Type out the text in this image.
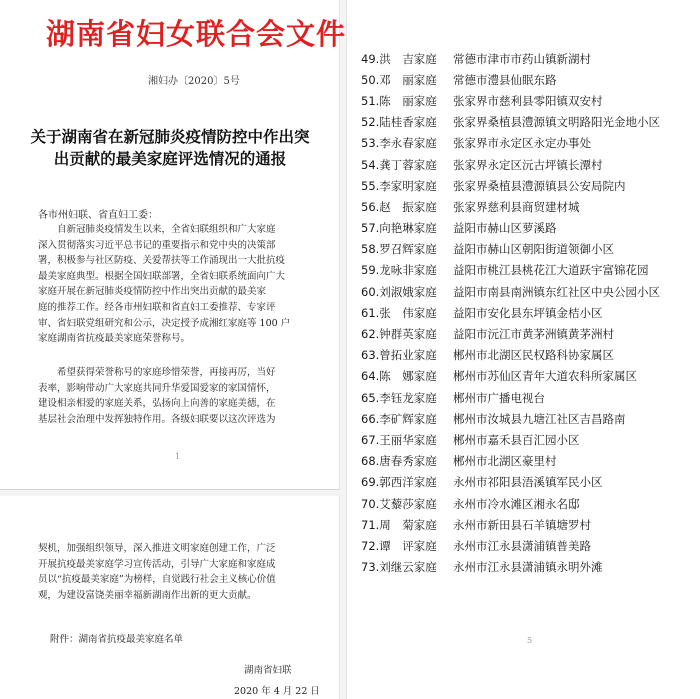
湖南省妇女联合会文件
湘妇办〔2020〕5号
关于湖南省在新冠肺炎疫情防控中作出突
出贡献的最美家庭评选情况的通报
各市州妇联、省直妇工委：
自新冠肺炎疫情发生以来，全省妇联组织和广大家庭
深入贯彻落实习近平总书记的重要指示和党中央的决策部
署，积极参与社区防疫、关爱帮扶等工作涌现出一大批抗疫
最美家庭典型。根据全国妇联部署，全省妇联系统面向广大
家庭开展在新冠肺炎疫情防控中作出突出贡献的最美家
庭的推荐工作。经各市州妇联和省直妇工委推荐、专家评
审、省妇联党组研究和公示，决定授予成湘红家庭等 100 户
家庭湖南省抗疫最美家庭荣誉称号。
希望获得荣誉称号的家庭珍惜荣誉，再接再厉，当好
表率，影响带动广大家庭共同升华爱国爱家的家国情怀，
建设相亲相爱的家庭关系，弘扬向上向善的家庭美德，在
基层社会治理中发挥独特作用。各级妇联要以这次评选为
1
契机，加强组织领导，深入推进文明家庭创建工作，广泛
开展抗疫最美家庭学习宣传活动，引导广大家庭和家庭成
员以“抗疫最美家庭”为榜样，自觉践行社会主义核心价值
观，为建设富饶美丽幸福新湖南作出新的更大贡献。
附件：湖南省抗疫最美家庭名单
湖南省妇联
2020 年 4 月 22 日
49.洪　吉家庭	常德市津市市药山镇新湖村
50.邓　丽家庭	常德市澧县仙眠东路
51.陈　丽家庭	张家界市慈利县零阳镇双安村
52.陆桂香家庭	张家界桑植县澧源镇文明路阳光金地小区
53.李永春家庭	张家界市永定区永定办事处
54.龚丁蓉家庭	张家界永定区沅古坪镇长潭村
55.李家明家庭	张家界桑植县澧源镇县公安局院内
56.赵　振家庭	张家界慈利县商贸建材城
57.向艳琳家庭	益阳市赫山区萝溪路
58.罗召辉家庭	益阳市赫山区朝阳街道领御小区
59.龙咏非家庭	益阳市桃江县桃花江大道跃宇富锦花园
60.刘淑娥家庭	益阳市南县南洲镇东红社区中央公园小区
61.张　伟家庭	益阳市安化县东坪镇金桔小区
62.钟群英家庭	益阳市沅江市黄茅洲镇黄茅洲村
63.曾拓业家庭	郴州市北湖区民权路科协家属区
64.陈　娜家庭	郴州市苏仙区青年大道农科所家属区
65.李钰龙家庭	郴州市广播电视台
66.李矿辉家庭	郴州市汝城县九塘江社区吉昌路南
67.王丽华家庭	郴州市嘉禾县百汇园小区
68.唐春秀家庭	郴州市北湖区豪里村
69.郭西洋家庭	永州市祁阳县浯溪镇军民小区
70.艾藜莎家庭	永州市冷水滩区湘永名邸
71.周　菊家庭	永州市新田县石羊镇塘罗村
72.谭　评家庭	永州市江永县潇浦镇普美路
73.刘继云家庭	永州市江永县潇浦镇永明外滩
5
